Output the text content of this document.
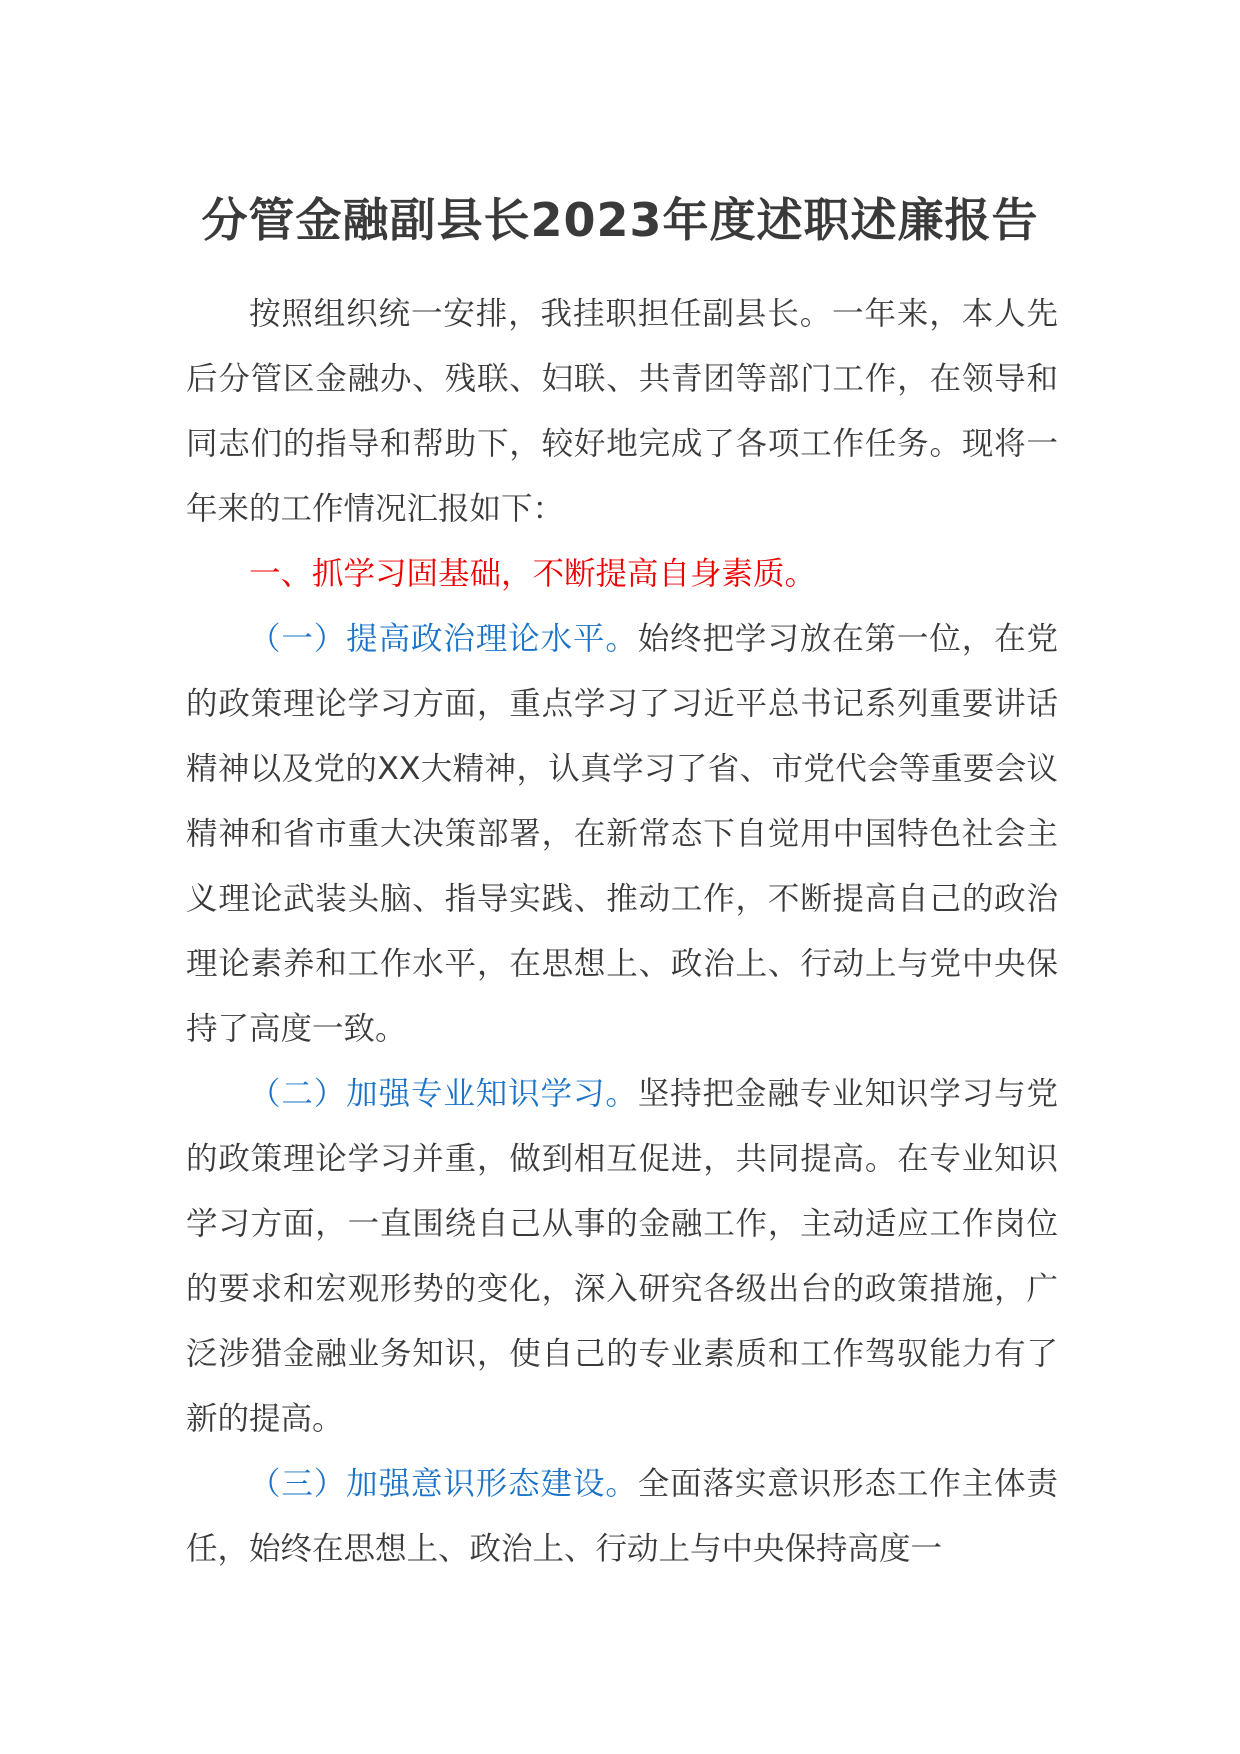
分管金融副县长2023年度述职述廉报告

按照组织统一安排，我挂职担任副县长。一年来，本人先后分管区金融办、残联、妇联、共青团等部门工作，在领导和同志们的指导和帮助下，较好地完成了各项工作任务。现将一年来的工作情况汇报如下：

一、抓学习固基础，不断提高自身素质。

（一）提高政治理论水平。始终把学习放在第一位，在党的政策理论学习方面，重点学习了习近平总书记系列重要讲话精神以及党的XX大精神，认真学习了省、市党代会等重要会议精神和省市重大决策部署，在新常态下自觉用中国特色社会主义理论武装头脑、指导实践、推动工作，不断提高自己的政治理论素养和工作水平，在思想上、政治上、行动上与党中央保持了高度一致。

（二）加强专业知识学习。坚持把金融专业知识学习与党的政策理论学习并重，做到相互促进，共同提高。在专业知识学习方面，一直围绕自己从事的金融工作，主动适应工作岗位的要求和宏观形势的变化，深入研究各级出台的政策措施，广泛涉猎金融业务知识，使自己的专业素质和工作驾驭能力有了新的提高。

（三）加强意识形态建设。全面落实意识形态工作主体责任，始终在思想上、政治上、行动上与中央保持高度一
